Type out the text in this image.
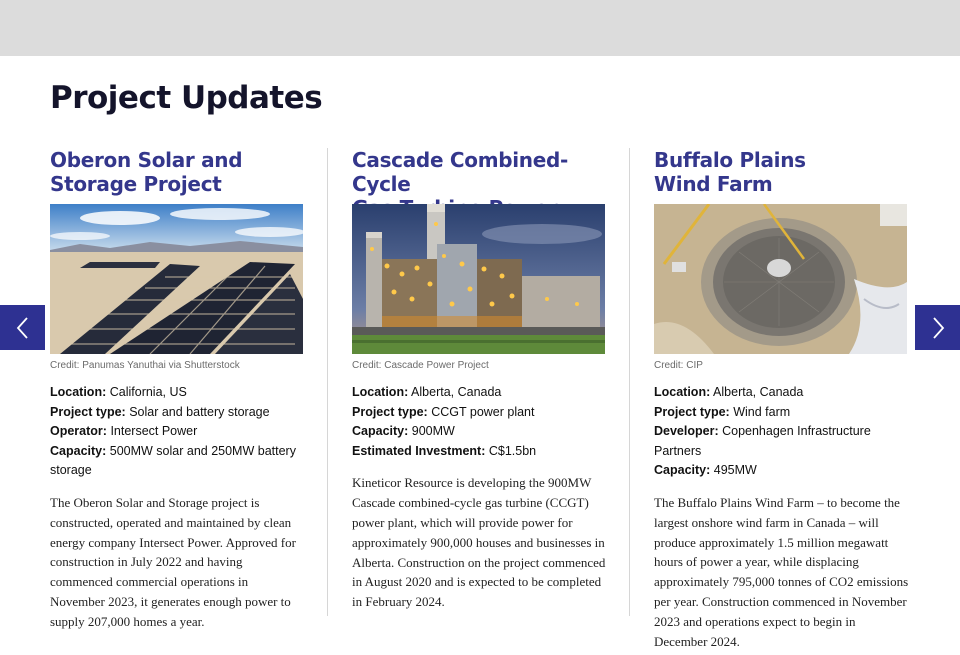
Project Updates
Oberon Solar and
Storage Project
Credit: Panumas Yanuthai via Shutterstock
Location: California, US
Project type: Solar and battery storage
Operator: Intersect Power
Capacity: 500MW solar and 250MW battery storage
The Oberon Solar and Storage project is constructed, operated and maintained by clean energy company Intersect Power. Approved for construction in July 2022 and having commenced commercial operations in November 2023, it generates enough power to supply 207,000 homes a year.
Cascade Combined-Cycle

Credit: Cascade Power Project
Location: Alberta, Canada
Project type: CCGT power plant
Capacity: 900MW
Estimated Investment: C$1.5bn
Kineticor Resource is developing the 900MW Cascade combined-cycle gas turbine (CCGT) power plant, which will provide power for approximately 900,000 houses and businesses in Alberta. Construction on the project commenced in August 2020 and is expected to be completed in February 2024.
Buffalo Plains
Wind Farm
Credit: CIP
Location: Alberta, Canada
Project type: Wind farm
Developer: Copenhagen Infrastructure Partners
Capacity: 495MW
The Buffalo Plains Wind Farm – to become the largest onshore wind farm in Canada – will produce approximately 1.5 million megawatt hours of power a year, while displacing approximately 795,000 tonnes of CO2 emissions per year. Construction commenced in November 2023 and operations expect to begin in December 2024.
